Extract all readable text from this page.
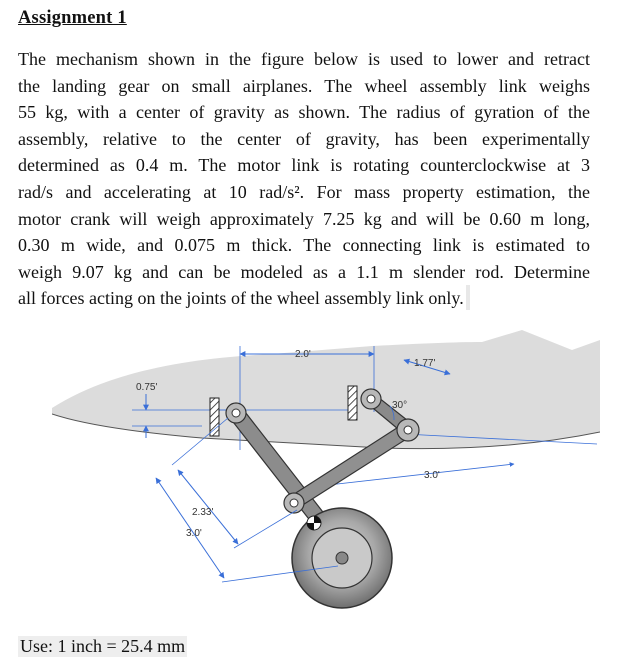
Assignment 1

The mechanism shown in the figure below is used to lower and retract
the landing gear on small airplanes. The wheel assembly link weighs
55 kg, with a center of gravity as shown. The radius of gyration of the
assembly, relative to the center of gravity, has been experimentally
determined as 0.4 m. The motor link is rotating counterclockwise at 3
rad/s and accelerating at 10 rad/s². For mass property estimation, the
motor crank will weigh approximately 7.25 kg and will be 0.60 m long,
0.30 m wide, and 0.075 m thick. The connecting link is estimated to
weigh 9.07 kg and can be modeled as a 1.1 m slender rod. Determine
all forces acting on the joints of the wheel assembly link only.

2.0'
1.77'
0.75'
3.0'
30°
2.33'
3.0'
Use: 1 inch = 25.4 mm
